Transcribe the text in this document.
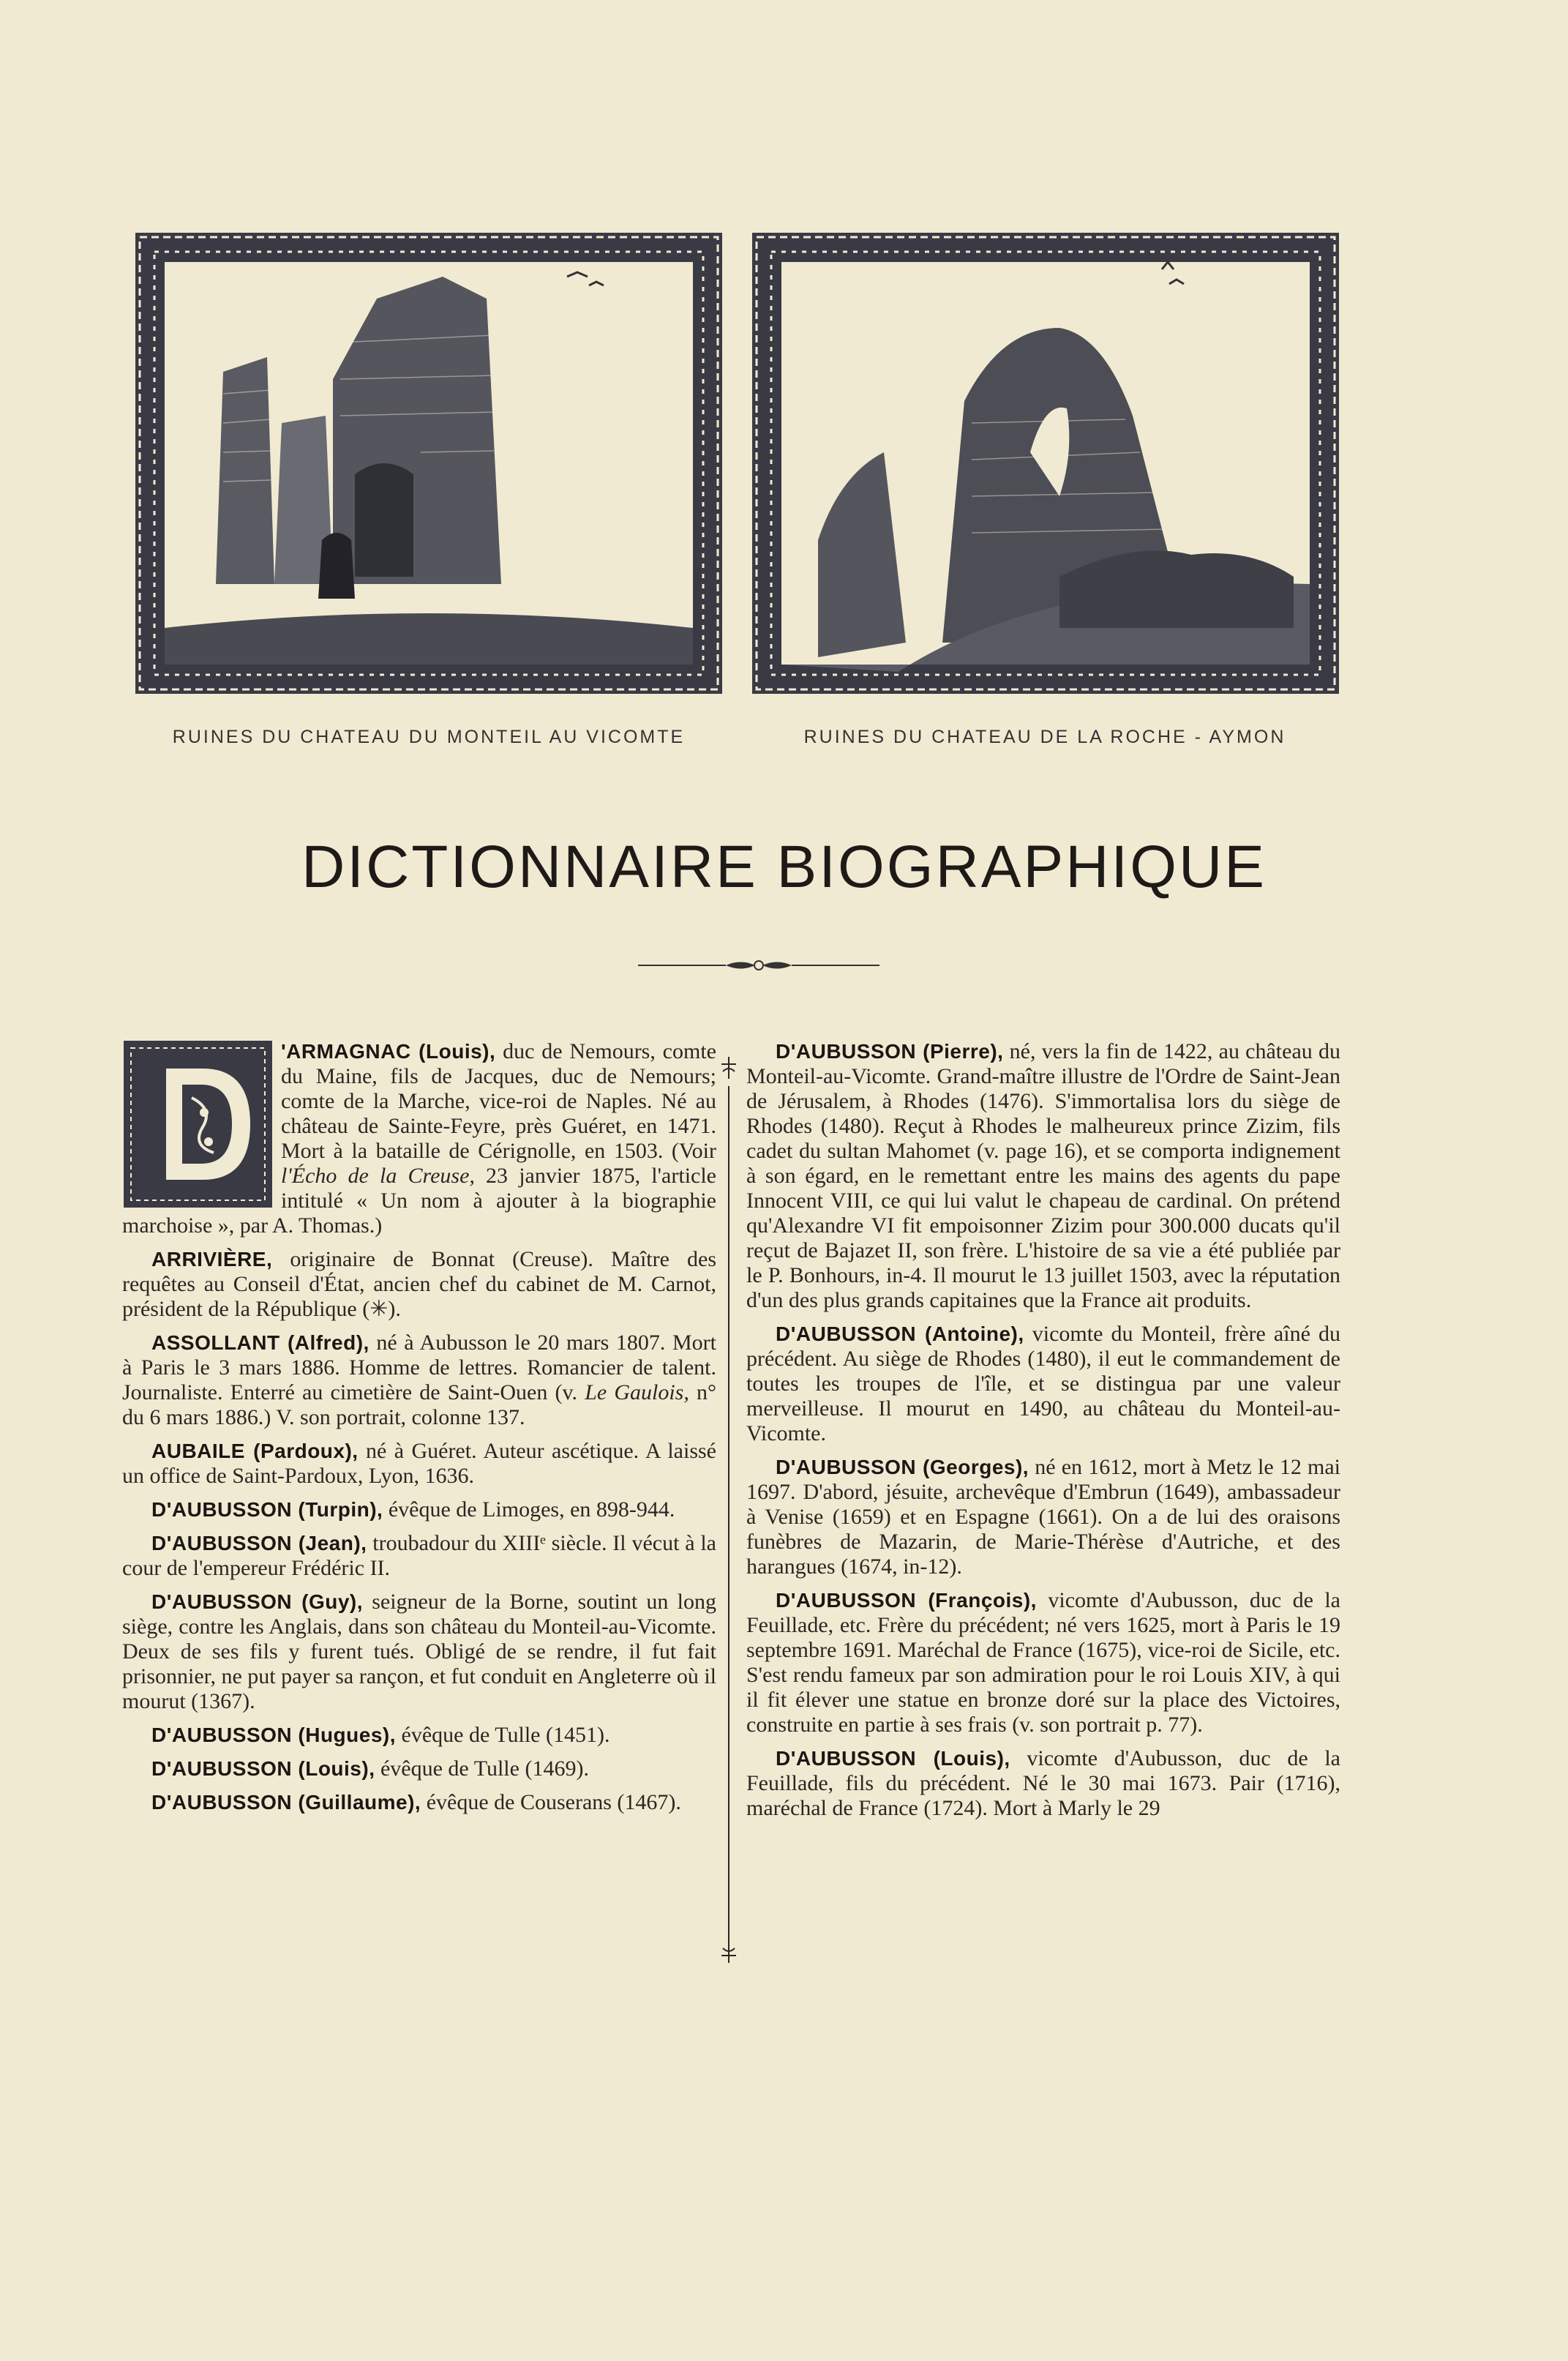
RUINES DU CHATEAU DU MONTEIL AU VICOMTE	RUINES DU CHATEAU DE LA ROCHE - AYMON
DICTIONNAIRE BIOGRAPHIQUE

'ARMAGNAC (Louis), duc de Nemours, comte du Maine, fils de Jacques, duc de Nemours; comte de la Marche, vice-roi de Naples. Né au château de Sainte-Feyre, près Guéret, en 1471. Mort à la bataille de Cérignolle, en 1503. (Voir l'Écho de la Creuse, 23 janvier 1875, l'article intitulé « Un nom à ajouter à la biographie marchoise », par A. Thomas.)

ARRIVIÈRE, originaire de Bonnat (Creuse). Maître des requêtes au Conseil d'État, ancien chef du cabinet de M. Carnot, président de la République (✳).

ASSOLLANT (Alfred), né à Aubusson le 20 mars 1807. Mort à Paris le 3 mars 1886. Homme de lettres. Romancier de talent. Journaliste. Enterré au cimetière de Saint-Ouen (v. Le Gaulois, n° du 6 mars 1886.) V. son portrait, colonne 137.

AUBAILE (Pardoux), né à Guéret. Auteur ascétique. A laissé un office de Saint-Pardoux, Lyon, 1636.

D'AUBUSSON (Turpin), évêque de Limoges, en 898-944.

D'AUBUSSON (Jean), troubadour du XIIIᵉ siècle. Il vécut à la cour de l'empereur Frédéric II.

D'AUBUSSON (Guy), seigneur de la Borne, soutint un long siège, contre les Anglais, dans son château du Monteil-au-Vicomte. Deux de ses fils y furent tués. Obligé de se rendre, il fut fait prisonnier, ne put payer sa rançon, et fut conduit en Angleterre où il mourut (1367).

D'AUBUSSON (Hugues), évêque de Tulle (1451).

D'AUBUSSON (Louis), évêque de Tulle (1469).

D'AUBUSSON (Guillaume), évêque de Couserans (1467).

D'AUBUSSON (Pierre), né, vers la fin de 1422, au château du Monteil-au-Vicomte. Grand-maître illustre de l'Ordre de Saint-Jean de Jérusalem, à Rhodes (1476). S'immortalisa lors du siège de Rhodes (1480). Reçut à Rhodes le malheureux prince Zizim, fils cadet du sultan Mahomet (v. page 16), et se comporta indignement à son égard, en le remettant entre les mains des agents du pape Innocent VIII, ce qui lui valut le chapeau de cardinal. On prétend qu'Alexandre VI fit empoisonner Zizim pour 300.000 ducats qu'il reçut de Bajazet II, son frère. L'histoire de sa vie a été publiée par le P. Bonhours, in-4. Il mourut le 13 juillet 1503, avec la réputation d'un des plus grands capitaines que la France ait produits.

D'AUBUSSON (Antoine), vicomte du Monteil, frère aîné du précédent. Au siège de Rhodes (1480), il eut le commandement de toutes les troupes de l'île, et se distingua par une valeur merveilleuse. Il mourut en 1490, au château du Monteil-au-Vicomte.

D'AUBUSSON (Georges), né en 1612, mort à Metz le 12 mai 1697. D'abord, jésuite, archevêque d'Embrun (1649), ambassadeur à Venise (1659) et en Espagne (1661). On a de lui des oraisons funèbres de Mazarin, de Marie-Thérèse d'Autriche, et des harangues (1674, in-12).

D'AUBUSSON (François), vicomte d'Aubusson, duc de la Feuillade, etc. Frère du précédent; né vers 1625, mort à Paris le 19 septembre 1691. Maréchal de France (1675), vice-roi de Sicile, etc. S'est rendu fameux par son admiration pour le roi Louis XIV, à qui il fit élever une statue en bronze doré sur la place des Victoires, construite en partie à ses frais (v. son portrait p. 77).

D'AUBUSSON (Louis), vicomte d'Aubusson, duc de la Feuillade, fils du précédent. Né le 30 mai 1673. Pair (1716), maréchal de France (1724). Mort à Marly le 29
